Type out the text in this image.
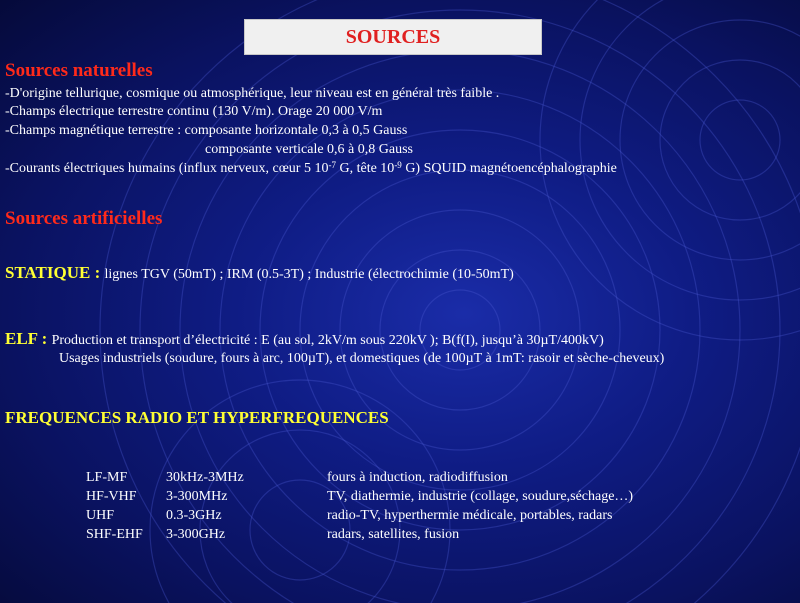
SOURCES
Sources naturelles
-D'origine tellurique, cosmique ou atmosphérique, leur niveau est en général très faible .
-Champs électrique terrestre continu (130 V/m). Orage 20 000 V/m
-Champs magnétique terrestre : composante horizontale 0,3 à 0,5 Gauss
composante verticale 0,6 à 0,8 Gauss
-Courants électriques humains (influx nerveux, cœur 5 $10^{-7}$ G, tête $10^{-9}$ G) SQUID magnétoencéphalographie
Sources artificielles
STATIQUE : lignes TGV (50mT) ; IRM (0.5-3T) ; Industrie (électrochimie (10-50mT)
ELF : Production et transport d’électricité : E (au sol, 2kV/m sous 220kV ); B(f(I), jusqu’à 30µT/400kV)
Usages industriels (soudure, fours à arc, 100µT), et domestiques (de 100µT à 1mT: rasoir et sèche-cheveux)
FREQUENCES RADIO ET HYPERFREQUENCES
LF-MF	30kHz-3MHz	fours à induction, radiodiffusion
HF-VHF 3-300MHz	TV, diathermie, industrie (collage, soudure,séchage…)
UHF	0.3-3GHz	radio-TV, hyperthermie médicale, portables, radars
SHF-EHF 3-300GHz	radars, satellites, fusion
